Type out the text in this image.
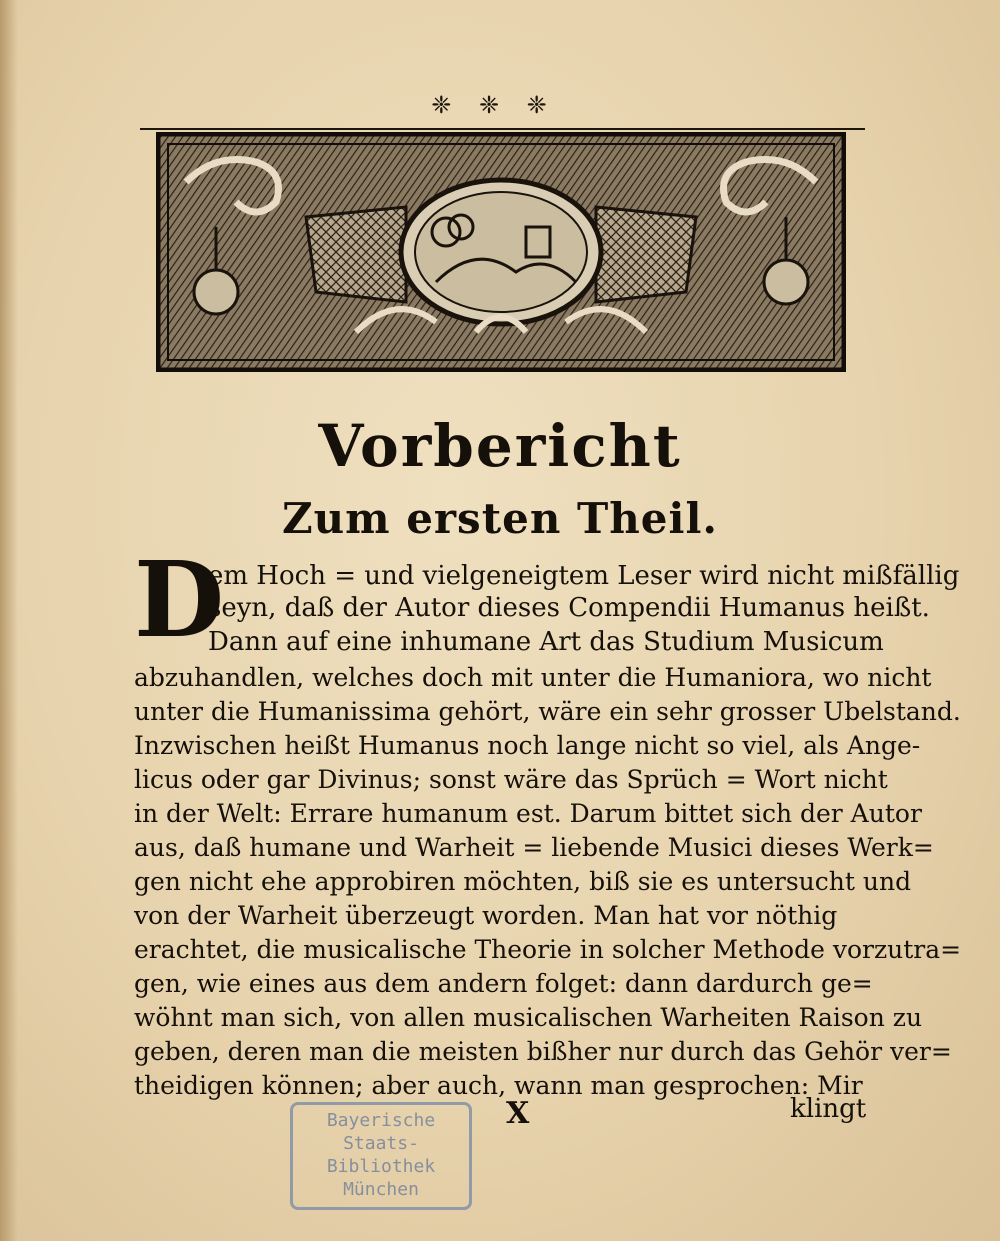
❈ ❈ ❈
Vorbericht
Zum ersten Theil.
D
em Hoch = und vielgeneigtem Leser wird nicht mißfällig
seyn, daß der Autor dieses Compendii Humanus heißt.
Dann auf eine inhumane Art das Studium Musicum
abzuhandlen, welches doch mit unter die Humaniora, wo nicht
unter die Humanissima gehört, wäre ein sehr grosser Ubelstand.
Inzwischen heißt Humanus noch lange nicht so viel, als Ange-
licus oder gar Divinus; sonst wäre das Sprüch = Wort nicht
in der Welt: Errare humanum est. Darum bittet sich der Autor
aus, daß humane und Warheit = liebende Musici dieses Werk=
gen nicht ehe approbiren möchten, biß sie es untersucht und
von der Warheit überzeugt worden. Man hat vor nöthig
erachtet, die musicalische Theorie in solcher Methode vorzutra=
gen, wie eines aus dem andern folget: dann dardurch ge=
wöhnt man sich, von allen musicalischen Warheiten Raison zu
geben, deren man die meisten bißher nur durch das Gehör ver=
theidigen können; aber auch, wann man gesprochen: Mir
X	klingt
Bayerische
Staats-
Bibliothek
München
